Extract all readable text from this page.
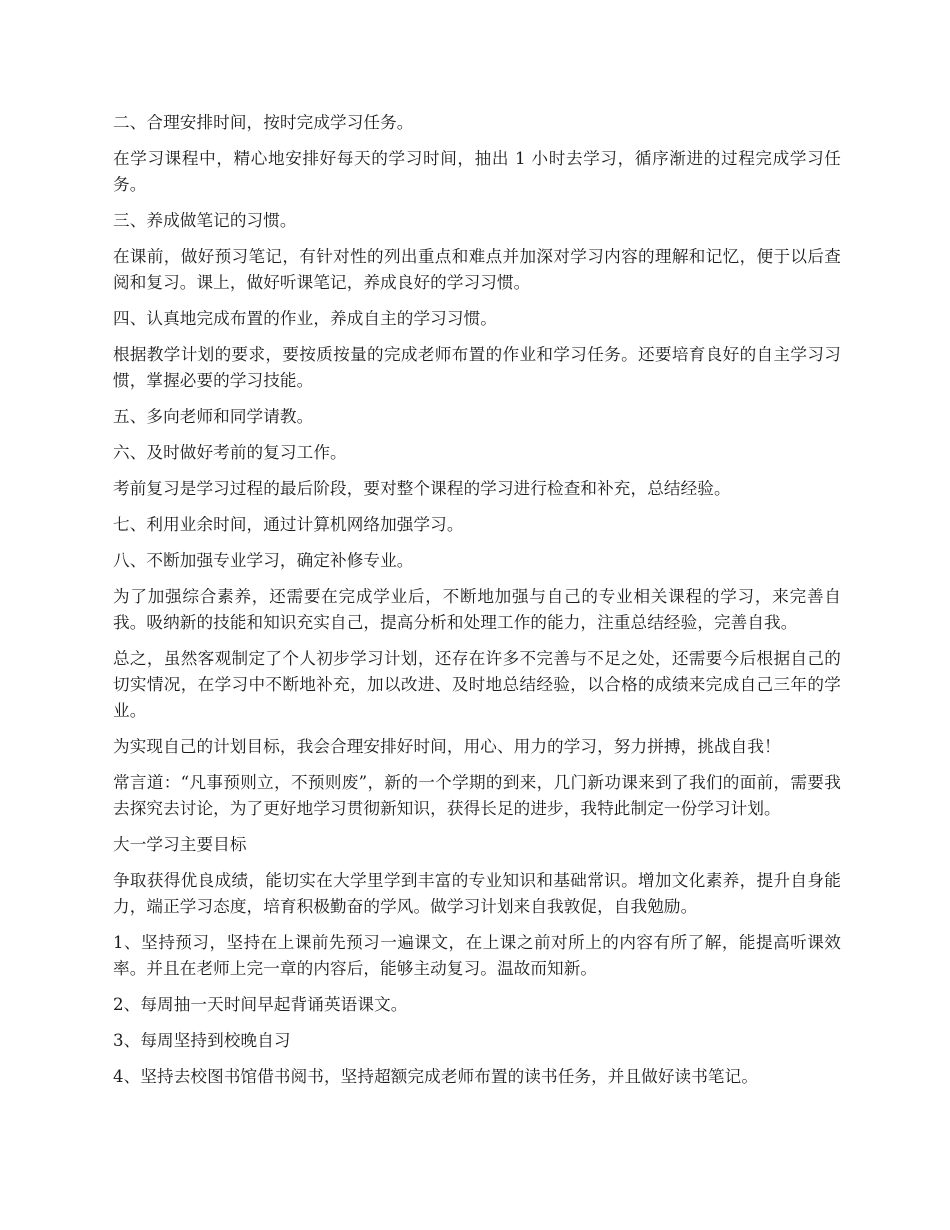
二、合理安排时间，按时完成学习任务。

在学习课程中，精心地安排好每天的学习时间，抽出 1 小时去学习，循序渐进的过程完成学习任务。

三、养成做笔记的习惯。

在课前，做好预习笔记，有针对性的列出重点和难点并加深对学习内容的理解和记忆，便于以后查阅和复习。课上，做好听课笔记，养成良好的学习习惯。

四、认真地完成布置的作业，养成自主的学习习惯。

根据教学计划的要求，要按质按量的完成老师布置的作业和学习任务。还要培育良好的自主学习习惯，掌握必要的学习技能。

五、多向老师和同学请教。

六、及时做好考前的复习工作。

考前复习是学习过程的最后阶段，要对整个课程的学习进行检查和补充，总结经验。

七、利用业余时间，通过计算机网络加强学习。

八、不断加强专业学习，确定补修专业。

为了加强综合素养，还需要在完成学业后，不断地加强与自己的专业相关课程的学习，来完善自我。吸纳新的技能和知识充实自己，提高分析和处理工作的能力，注重总结经验，完善自我。

总之，虽然客观制定了个人初步学习计划，还存在许多不完善与不足之处，还需要今后根据自己的切实情况，在学习中不断地补充，加以改进、及时地总结经验，以合格的成绩来完成自己三年的学业。

为实现自己的计划目标，我会合理安排好时间，用心、用力的学习，努力拼搏，挑战自我！

常言道：“凡事预则立，不预则废”，新的一个学期的到来，几门新功课来到了我们的面前，需要我去探究去讨论，为了更好地学习贯彻新知识，获得长足的进步，我特此制定一份学习计划。

大一学习主要目标

争取获得优良成绩，能切实在大学里学到丰富的专业知识和基础常识。增加文化素养，提升自身能力，端正学习态度，培育积极勤奋的学风。做学习计划来自我敦促，自我勉励。

1、坚持预习，坚持在上课前先预习一遍课文，在上课之前对所上的内容有所了解，能提高听课效率。并且在老师上完一章的内容后，能够主动复习。温故而知新。

2、每周抽一天时间早起背诵英语课文。

3、每周坚持到校晚自习

4、坚持去校图书馆借书阅书，坚持超额完成老师布置的读书任务，并且做好读书笔记。
